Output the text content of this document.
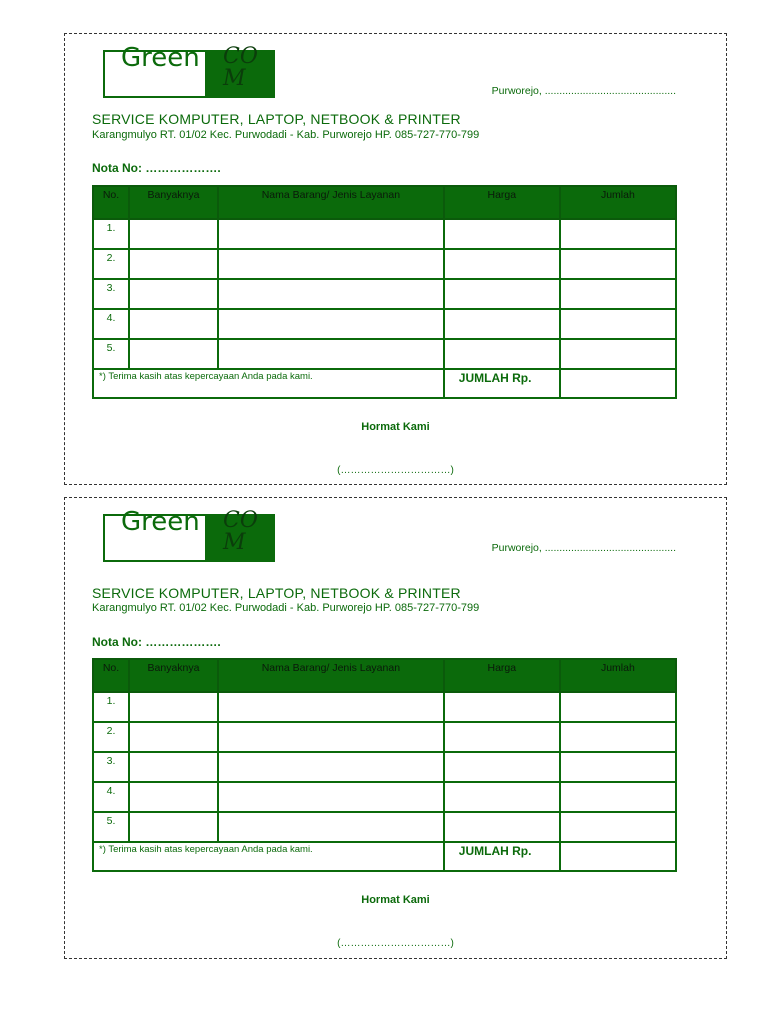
Green COM	Purworejo, .............................................
SERVICE KOMPUTER, LAPTOP, NETBOOK & PRINTER
Karangmulyo RT. 01/02 Kec. Purwodadi - Kab. Purworejo HP. 085-727-770-799
Nota No: ……………….
No.	Banyaknya	Nama Barang/ Jenis Layanan	Harga	Jumlah
1.				
2.				
3.				
4.				
5.				
*) Terima kasih atas kepercayaan Anda pada kami.			JUMLAH Rp.	
Hormat Kami
(……………………………)
Green COM	Purworejo, .............................................
SERVICE KOMPUTER, LAPTOP, NETBOOK & PRINTER
Karangmulyo RT. 01/02 Kec. Purwodadi - Kab. Purworejo HP. 085-727-770-799
Nota No: ……………….
No.	Banyaknya	Nama Barang/ Jenis Layanan	Harga	Jumlah
1.				
2.				
3.				
4.				
5.				
*) Terima kasih atas kepercayaan Anda pada kami.			JUMLAH Rp.	
Hormat Kami
(……………………………)
